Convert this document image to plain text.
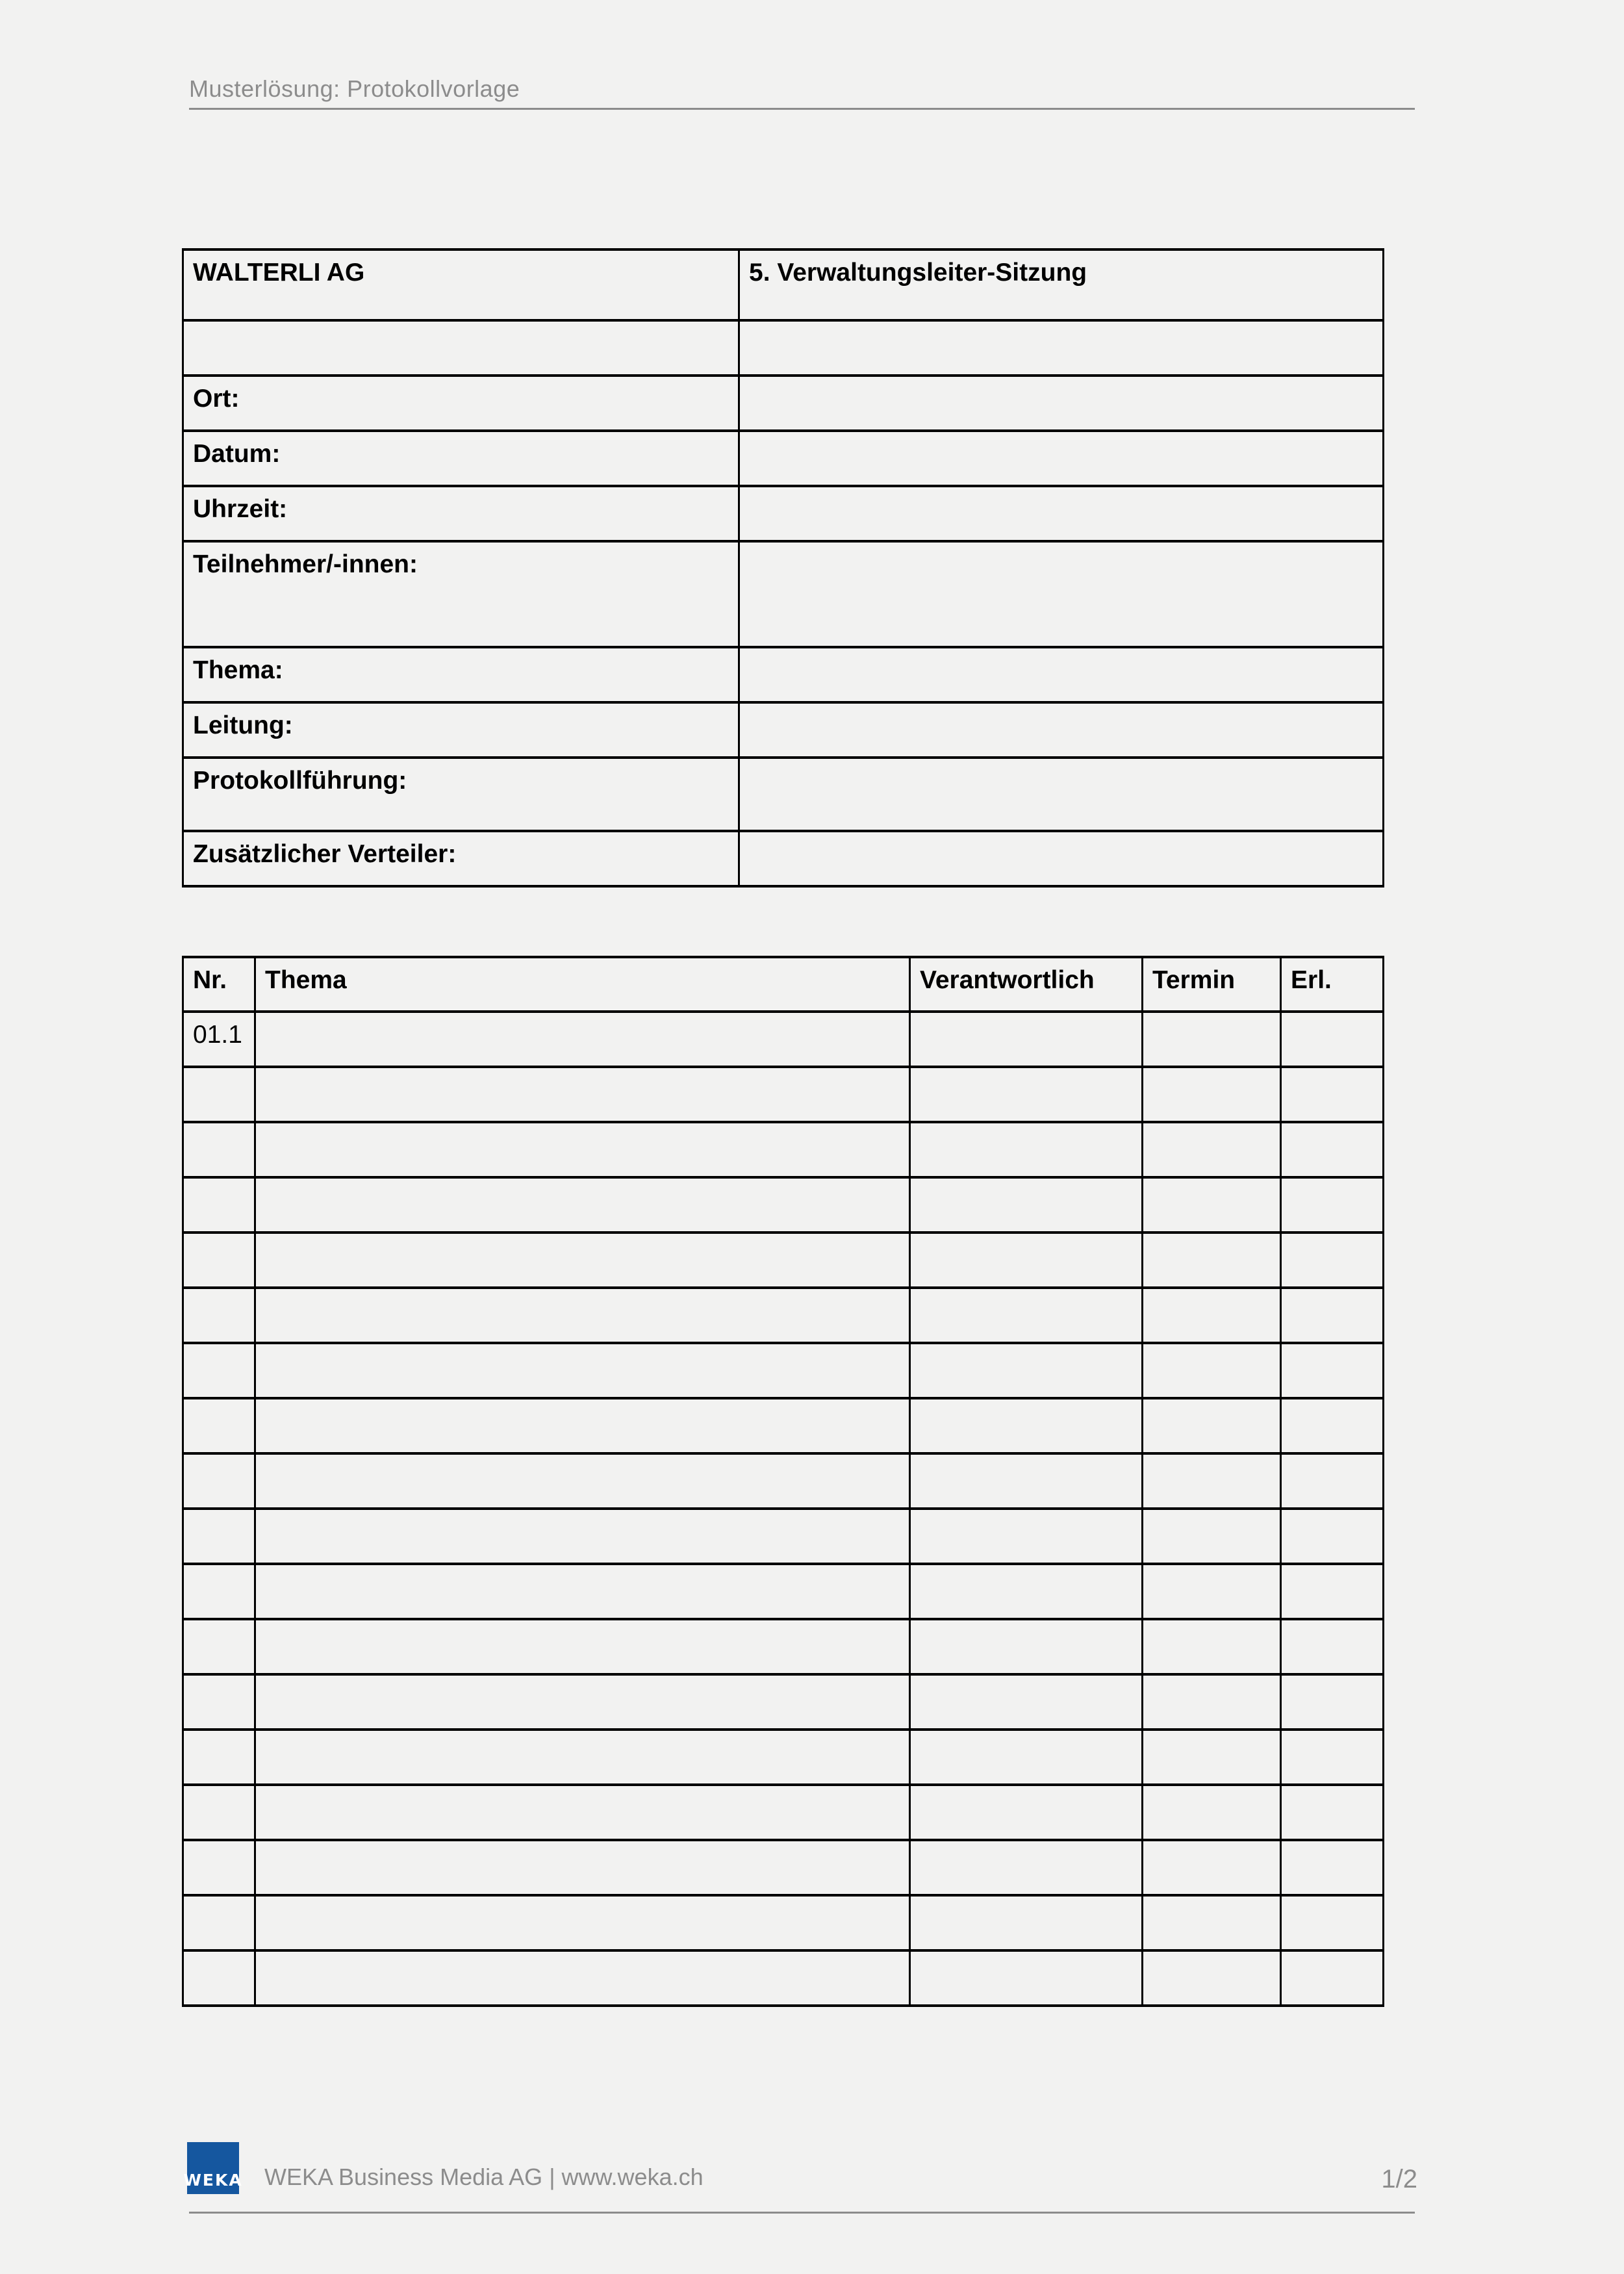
Musterlösung: Protokollvorlage
WALTERLI AG	5. Verwaltungsleiter-Sitzung
Ort:
Datum:
Uhrzeit:
Teilnehmer/-innen:
Thema:
Leitung:
Protokollführung:
Zusätzlicher Verteiler:
Nr.	Thema	Verantwortlich	Termin	Erl.
01.1
WEKA WEKA Business Media AG | www.weka.ch	1/2
